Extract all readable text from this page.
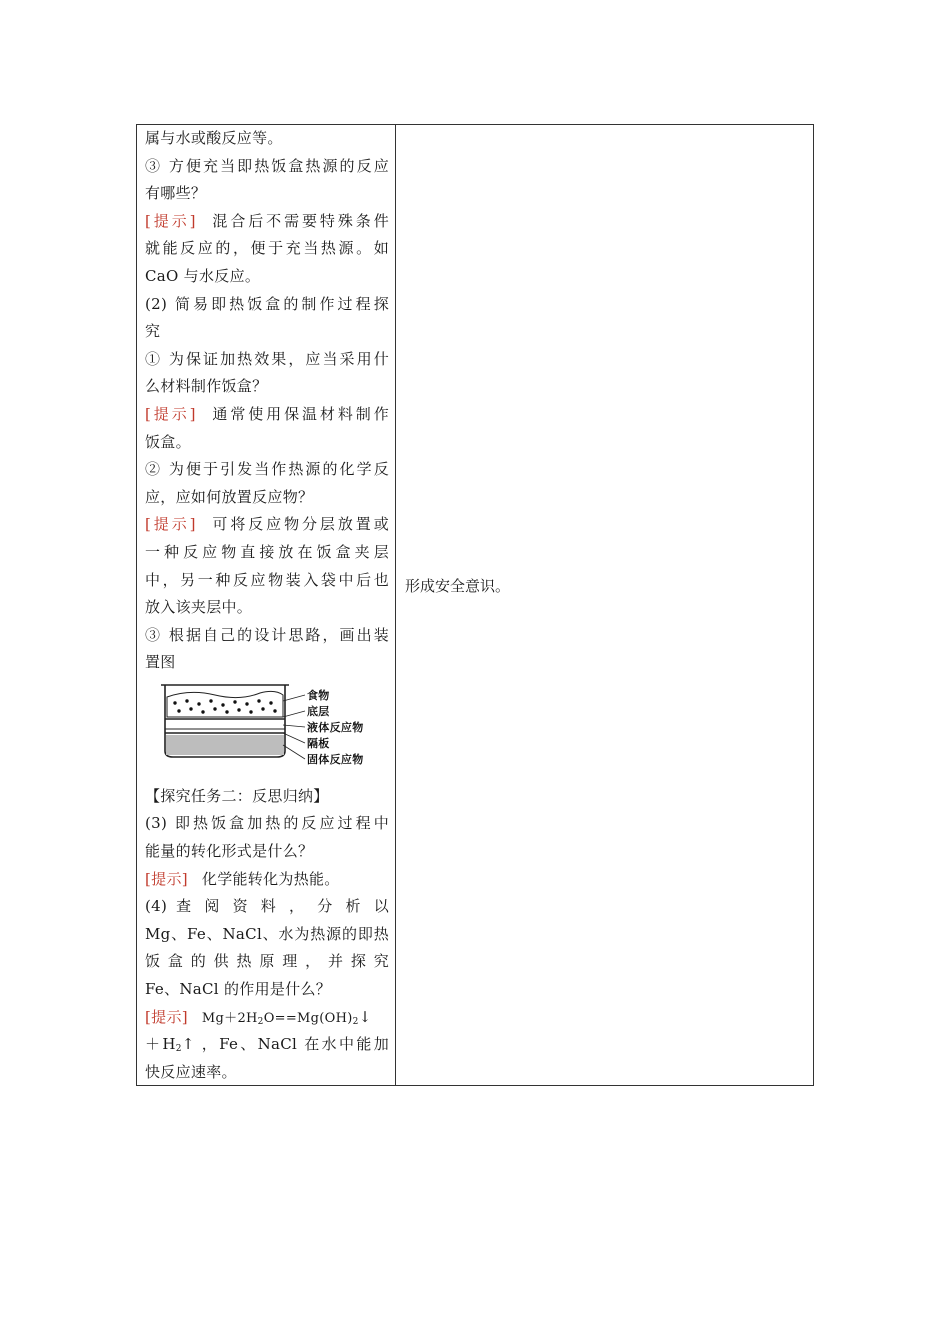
属与水或酸反应等。
③ 方便充当即热饭盒热源的反应
有哪些？
[提示] 混合后不需要特殊条件
就能反应的，便于充当热源。如
CaO 与水反应。
(2) 简易即热饭盒的制作过程探
究
① 为保证加热效果，应当采用什
么材料制作饭盒？
[提示] 通常使用保温材料制作
饭盒。
② 为便于引发当作热源的化学反
应，应如何放置反应物？
[提示] 可将反应物分层放置或
一种反应物直接放在饭盒夹层
中，另一种反应物装入袋中后也
放入该夹层中。
③ 根据自己的设计思路，画出装
置图
食物
底层
液体反应物
隔板
固体反应物
【探究任务二：反思归纳】
(3) 即热饭盒加热的反应过程中
能量的转化形式是什么？
[提示] 化学能转化为热能。
(4) 查 阅 资 料 ， 分 析 以
Mg、Fe、NaCl、水为热源的即热
饭 盒 的 供 热 原 理 ， 并 探 究
Fe、NaCl 的作用是什么？
[提示] $Mg+2H_2O==Mg(OH)_2↓$
$+H_2↑$ ，Fe、NaCl 在水中能加
快反应速率。
形成安全意识。
